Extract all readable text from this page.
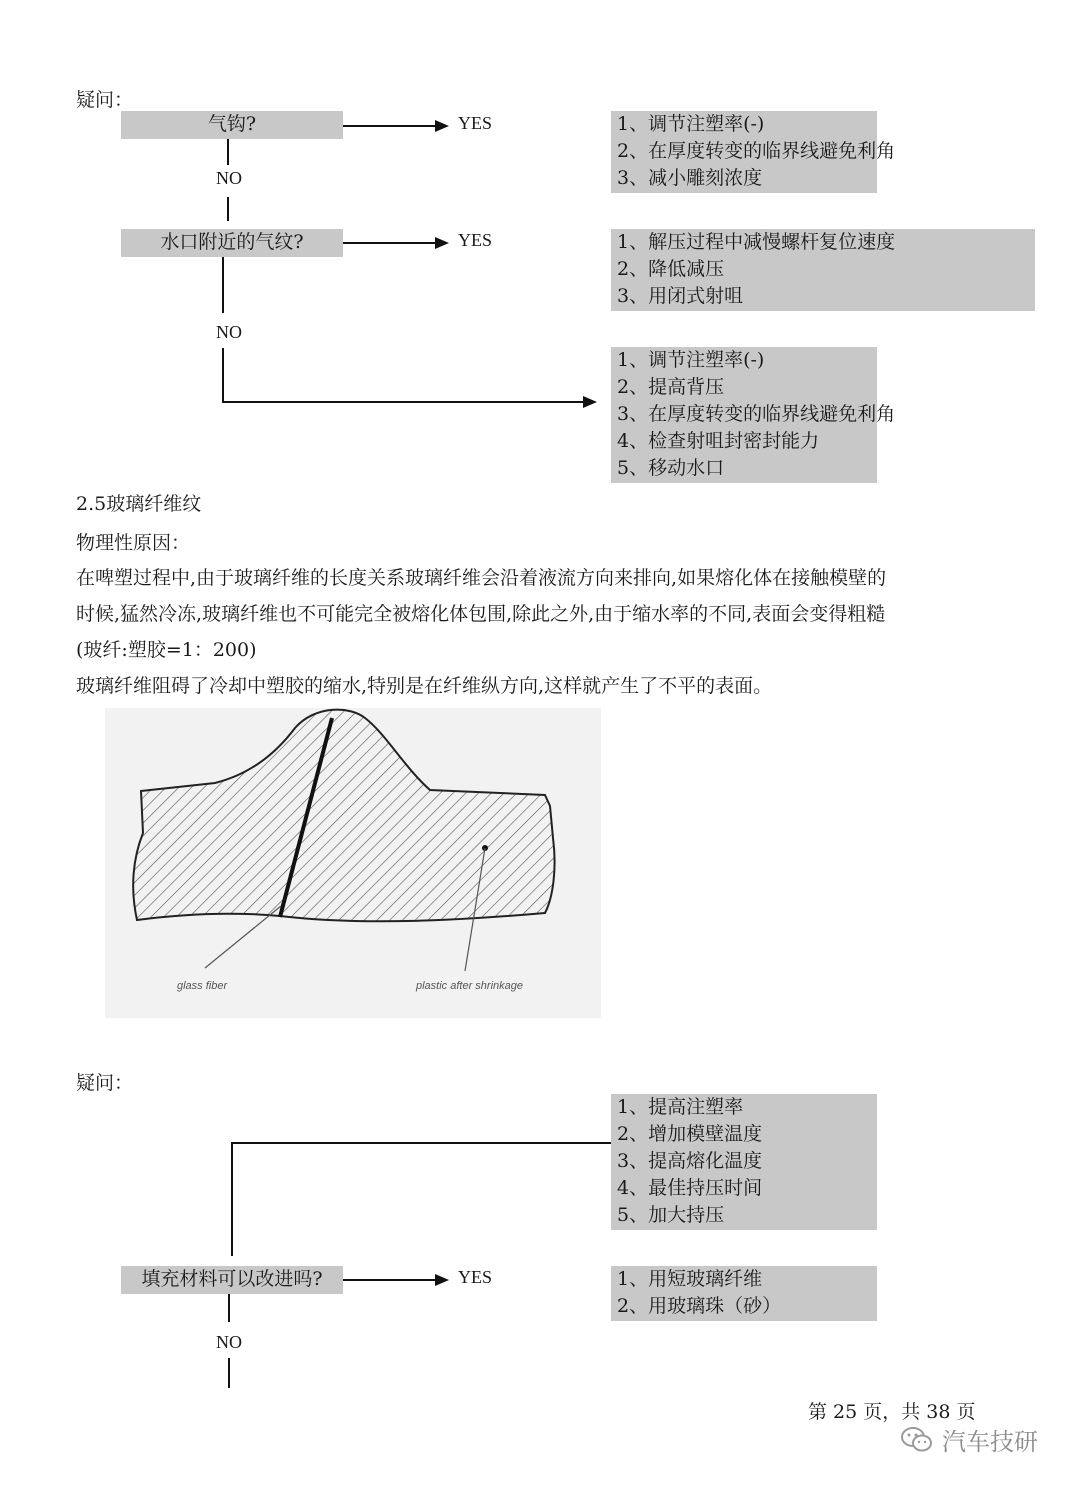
疑问：
气钩?	YES	1、调节注塑率(-)
2、在厚度转变的临界线避免利角
3、减小雕刻浓度
NO
水口附近的气纹?	YES	1、解压过程中减慢螺杆复位速度
2、降低减压
3、用闭式射咀
NO
1、调节注塑率(-)
2、提高背压
3、在厚度转变的临界线避免利角
4、检查射咀封密封能力
5、移动水口
2.5玻璃纤维纹
物理性原因：
在啤塑过程中,由于玻璃纤维的长度关系玻璃纤维会沿着液流方向来排向,如果熔化体在接触模壁的
时候,猛然冷冻,玻璃纤维也不可能完全被熔化体包围,除此之外,由于缩水率的不同,表面会变得粗糙
(玻纤:塑胶=1：200)
玻璃纤维阻碍了冷却中塑胶的缩水,特别是在纤维纵方向,这样就产生了不平的表面。
glass fiber	plastic after shrinkage
疑问：
1、提高注塑率
2、增加模壁温度
3、提高熔化温度
4、最佳持压时间
5、加大持压
填充材料可以改进吗?	YES	1、用短玻璃纤维
2、用玻璃珠（砂）
NO
第 25 页，共 38 页
汽车技研
